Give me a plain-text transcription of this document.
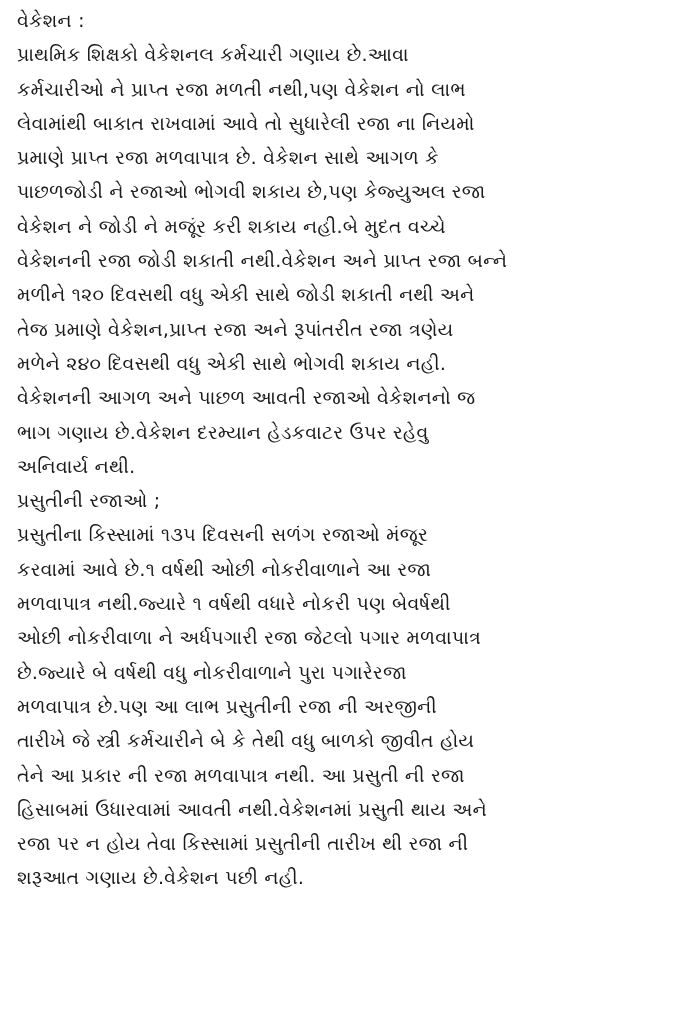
વેકેશન :
પ્રાથમિક શિક્ષકો વેકેશનલ કર્મચારી ગણાય છે.આવા
કર્મચારીઓ ને પ્રાપ્ત રજા મળતી નથી,પણ વેકેશન નો લાભ
લેવામાંથી બાકાત રાખવામાં આવે તો સુધારેલી રજા ના નિયમો
પ્રમાણે પ્રાપ્ત રજા મળવાપાત્ર છે. વેકેશન સાથે આગળ કે
પાછળજોડી ને રજાઓ ભોગવી શકાય છે,પણ કેજ્યુઅલ રજા
વેકેશન ને જોડી ને મજૂંર કરી શકાય નહી.બે મુદત વચ્ચે
વેકેશનની રજા જોડી શકાતી નથી.વેકેશન અને પ્રાપ્ત રજા બન્ને
મળીને ૧૨૦ દિવસથી વધુ એકી સાથે જોડી શકાતી નથી અને
તેજ પ્રમાણે વેકેશન,પ્રાપ્ત રજા અને રૂપાંતરીત રજા ત્રણેય
મળેને ૨૪૦ દિવસથી વધુ એકી સાથે ભોગવી શકાય નહી.
વેકેશનની આગળ અને પાછળ આવતી રજાઓ વેકેશનનો જ
ભાગ ગણાય છે.વેકેશન દરમ્યાન હેડકવાટર ઉપર રહેવુ
અનિવાર્ય નથી.
પ્રસુતીની રજાઓ ;
પ્રસુતીના કિસ્સામાં ૧૩૫ દિવસની સળંગ રજાઓ મંજૂર
કરવામાં આવે છે.૧ વર્ષથી ઓછી નોકરીવાળાને આ રજા
મળવાપાત્ર નથી.જ્યારે ૧ વર્ષથી વધારે નોકરી પણ બેવર્ષથી
ઓછી નોકરીવાળા ને અર્ધપગારી રજા જેટલો પગાર મળવાપાત્ર
છે.જ્યારે બે વર્ષથી વધુ નોકરીવાળાને પુરા પગારેરજા
મળવાપાત્ર છે.પણ આ લાભ પ્રસુતીની રજા ની અરજીની
તારીખે જે સ્ત્રી કર્મચારીને બે કે તેથી વધુ બાળકો જીવીત હોય
તેને આ પ્રકાર ની રજા મળવાપાત્ર નથી. આ પ્રસુતી ની રજા
હિસાબમાં ઉધારવામાં આવતી નથી.વેકેશનમાં પ્રસુતી થાય અને
રજા પર ન હોય તેવા કિસ્સામાં પ્રસુતીની તારીખ થી રજા ની
શરૂઆત ગણાય છે.વેકેશન પછી નહી.
